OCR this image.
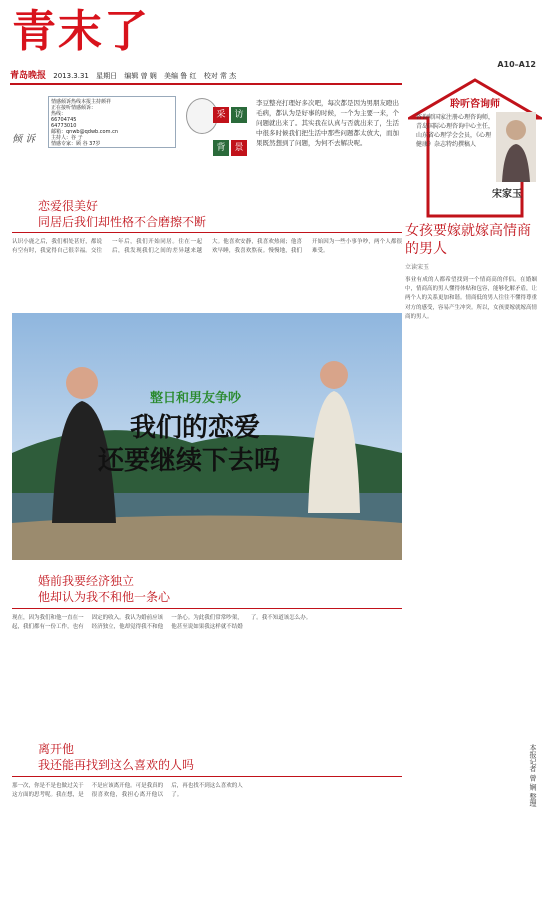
青末了
A10–A12
青岛晚报 2013.3.31 星期日 编辑 曾 娴 美编 鲁 红 校对 常 杰
情感倾诉热线本报主持颜祥
正在接听情感倾诉：
热线：
66704745
64773010
邮箱：qnwb@qdwb.com.cn
主持人：谷 子
情感专家：顾 谷 37岁
倾 诉
采 访
背 景
李豆整亮打理好多次吧，每次都是因为男朋友瞪出毛病，都认为是好事的时候，一个为主要一来，个问题就出来了。其实我在认真与否就出来了，生活中很多时候我们把生活中那些问题都太放大，而加果既然想到了问题，为何不去解决呢。
聆听咨询师
咨询师国家注册心理咨询师，青岛国际心理咨询中心主任，山东省心理学会会员，《心理健康》杂志特约撰稿人
宋家玉
恋爱很美好
同居后我们却性格不合磨擦不断
认识小鹿之后，我们相处甚好，都说有空有时，我觉得自己很幸福。交往一年后，我们开始同居。住在一起后，我发现我们之间的差异越来越大。他喜欢安静，我喜欢热闹；他喜欢早睡，我喜欢熬夜。慢慢地，我们开始因为一些小事争吵，两个人都很难受。
整日和男友争吵
我们的恋爱
还要继续下去吗
婚前我要经济独立
他却认为我不和他一条心
现在，因为我们和他一直在一起，我们都有一份工作，也有固定的收入。我认为婚前应该经济独立，他却觉得我不和他一条心。为此我们常常吵架，他甚至说如果我这样就不结婚了。我不知道该怎么办。
离开他
我还能再找到这么喜欢的人吗
那一次，你是不是也做过关于这方面的思考呢。我在想，是不是应该离开他。可是我真的很喜欢他，我担心离开他以后，再也找不到这么喜欢的人了。
女孩要嫁就嫁高情商的男人
立读宋玉
事业有成的人都希望找到一个情商高的伴侣。在婚姻中，情商高的男人懂得体贴和包容，能够化解矛盾，让两个人的关系更加和谐。情商低的男人往往不懂得尊重对方的感受，容易产生冲突。所以，女孩要嫁就嫁高情商的男人。
本报记者 曾 娴 整理
